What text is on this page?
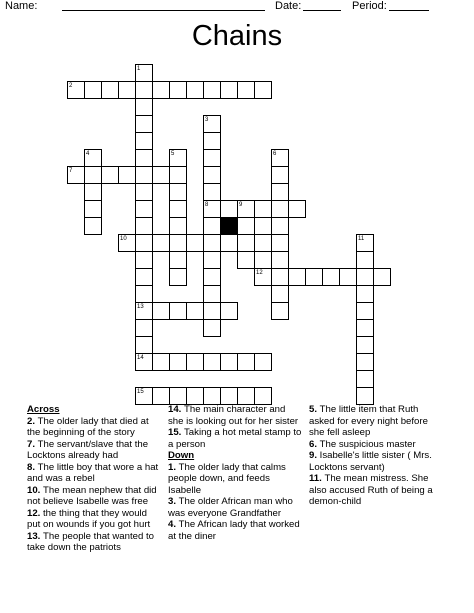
Name:	Date:	Period:
Chains
1
2
3
4	5	6
7
8	9
10	11
12
13
14
15
Across
2. The older lady that died at the beginning of the story
7. The servant/slave that the Locktons already had
8. The little boy that wore a hat and was a rebel
10. The mean nephew that did not believe Isabelle was free
12. the thing that they would put on wounds if you got hurt
13. The people that wanted to take down the patriots
14. The main character and she is looking out for her sister
15. Taking a hot metal stamp to a person
Down
1. The older lady that calms people down, and feeds Isabelle
3. The older African man who was everyone Grandfather
4. The African lady that worked at the diner
5. The little item that Ruth asked for every night before she fell asleep
6. The suspicious master
9. Isabelle's little sister ( Mrs. Locktons servant)
11. The mean mistress. She also accused Ruth of being a demon-child
